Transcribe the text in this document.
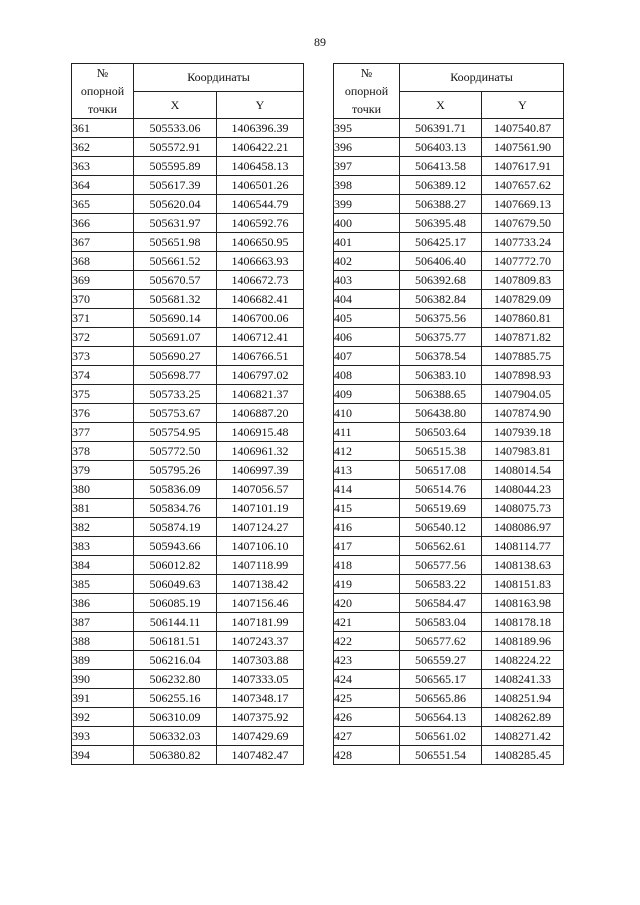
89
№
опорной
точки	Координаты	
	X	Y
361	505533.06	1406396.39
362	505572.91	1406422.21
363	505595.89	1406458.13
364	505617.39	1406501.26
365	505620.04	1406544.79
366	505631.97	1406592.76
367	505651.98	1406650.95
368	505661.52	1406663.93
369	505670.57	1406672.73
370	505681.32	1406682.41
371	505690.14	1406700.06
372	505691.07	1406712.41
373	505690.27	1406766.51
374	505698.77	1406797.02
375	505733.25	1406821.37
376	505753.67	1406887.20
377	505754.95	1406915.48
378	505772.50	1406961.32
379	505795.26	1406997.39
380	505836.09	1407056.57
381	505834.76	1407101.19
382	505874.19	1407124.27
383	505943.66	1407106.10
384	506012.82	1407118.99
385	506049.63	1407138.42
386	506085.19	1407156.46
387	506144.11	1407181.99
388	506181.51	1407243.37
389	506216.04	1407303.88
390	506232.80	1407333.05
391	506255.16	1407348.17
392	506310.09	1407375.92
393	506332.03	1407429.69
394	506380.82	1407482.47
№
опорной
точки	Координаты	
	X	Y
395	506391.71	1407540.87
396	506403.13	1407561.90
397	506413.58	1407617.91
398	506389.12	1407657.62
399	506388.27	1407669.13
400	506395.48	1407679.50
401	506425.17	1407733.24
402	506406.40	1407772.70
403	506392.68	1407809.83
404	506382.84	1407829.09
405	506375.56	1407860.81
406	506375.77	1407871.82
407	506378.54	1407885.75
408	506383.10	1407898.93
409	506388.65	1407904.05
410	506438.80	1407874.90
411	506503.64	1407939.18
412	506515.38	1407983.81
413	506517.08	1408014.54
414	506514.76	1408044.23
415	506519.69	1408075.73
416	506540.12	1408086.97
417	506562.61	1408114.77
418	506577.56	1408138.63
419	506583.22	1408151.83
420	506584.47	1408163.98
421	506583.04	1408178.18
422	506577.62	1408189.96
423	506559.27	1408224.22
424	506565.17	1408241.33
425	506565.86	1408251.94
426	506564.13	1408262.89
427	506561.02	1408271.42
428	506551.54	1408285.45
